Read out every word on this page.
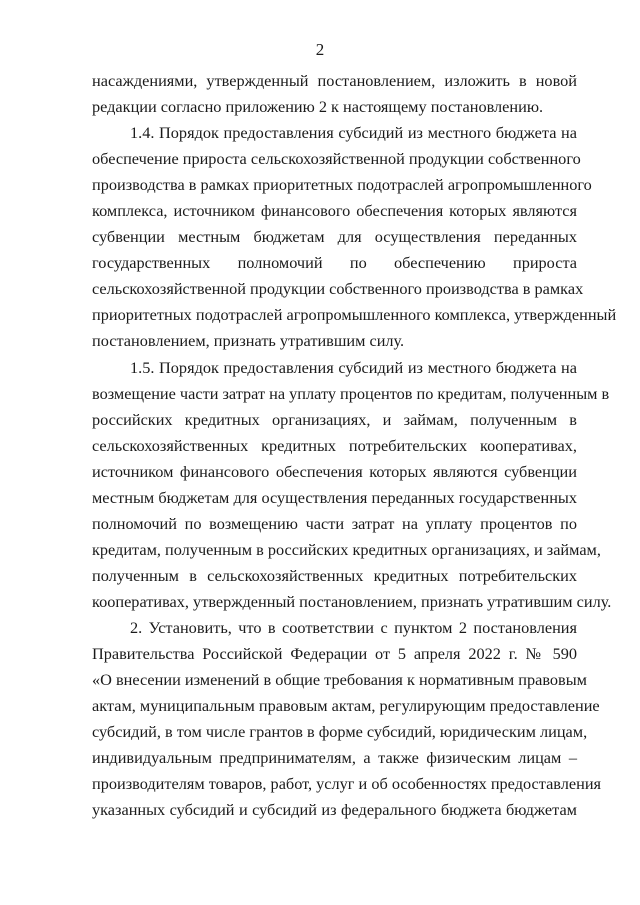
2
насаждениями, утвержденный постановлением, изложить в новой
редакции согласно приложению 2 к настоящему постановлению.
1.4. Порядок предоставления субсидий из местного бюджета на
обеспечение прироста сельскохозяйственной продукции собственного
производства в рамках приоритетных подотраслей агропромышленного
комплекса, источником финансового обеспечения которых являются
субвенции местным бюджетам для осуществления переданных
государственных полномочий по обеспечению прироста
сельскохозяйственной продукции собственного производства в рамках
приоритетных подотраслей агропромышленного комплекса, утвержденный
постановлением, признать утратившим силу.
1.5. Порядок предоставления субсидий из местного бюджета на
возмещение части затрат на уплату процентов по кредитам, полученным в
российских кредитных организациях, и займам, полученным в
сельскохозяйственных кредитных потребительских кооперативах,
источником финансового обеспечения которых являются субвенции
местным бюджетам для осуществления переданных государственных
полномочий по возмещению части затрат на уплату процентов по
кредитам, полученным в российских кредитных организациях, и займам,
полученным в сельскохозяйственных кредитных потребительских
кооперативах, утвержденный постановлением, признать утратившим силу.
2. Установить, что в соответствии с пунктом 2 постановления
Правительства Российской Федерации от 5 апреля 2022 г. № 590
«О внесении изменений в общие требования к нормативным правовым
актам, муниципальным правовым актам, регулирующим предоставление
субсидий, в том числе грантов в форме субсидий, юридическим лицам,
индивидуальным предпринимателям, а также физическим лицам –
производителям товаров, работ, услуг и об особенностях предоставления
указанных субсидий и субсидий из федерального бюджета бюджетам
